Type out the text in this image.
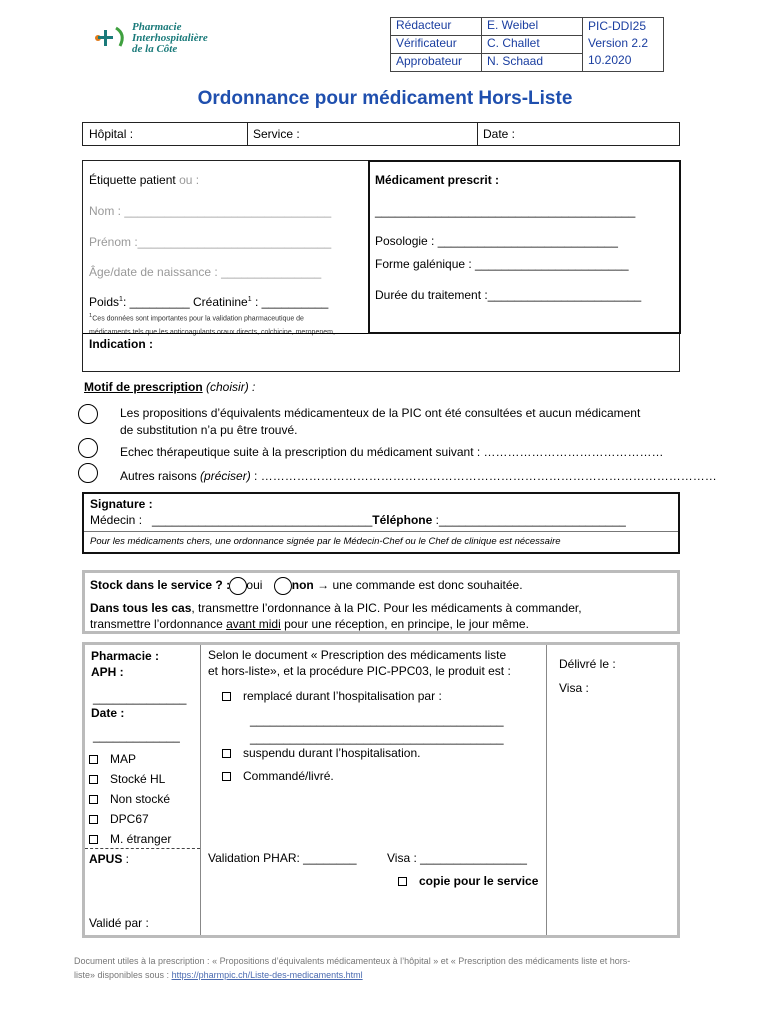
Pharmacie
Interhospitalière
de la Côte
Rédacteur	E. Weibel	PIC-DDI25
Version 2.2
10.2020

Vérificateur	C. Challet	
Approbateur	N. Schaad	
Ordonnance pour médicament Hors-Liste
Hôpital :	Service :	Date :
Étiquette patient ou :
Nom : _______________________________
Prénom :_____________________________
Âge/date de naissance : _______________
Poids$^1$: _________ Créatinine$^1$ : __________
$^1$Ces données sont importantes pour la validation pharmaceutique de
médicaments tels que les anticoagulants oraux directs, colchicine, meropenem, …
Indication :
Médicament prescrit :
_______________________________________
Posologie : ___________________________
Forme galénique : _______________________
Durée du traitement :_______________________
Motif de prescription (choisir) :
Les propositions d’équivalents médicamenteux de la PIC ont été consultées et aucun médicament
de substitution n’a pu être trouvé.
Echec thérapeutique suite à la prescription du médicament suivant : ………………………………………
Autres raisons (préciser) : ……………………………………………………………………………………………………
Signature :
Médecin :   _________________________________Téléphone :____________________________
Pour les médicaments chers, une ordonnance signée par le Médecin-Chef ou le Chef de clinique est nécessaire
Stock dans le service ? : oui non → une commande est donc souhaitée.
Dans tous les cas, transmettre l’ordonnance à la PIC. Pour les médicaments à commander,
transmettre l’ordonnance avant midi pour une réception, en principe, le jour même.
Pharmacie :
APH :
______________
Date :
_____________
MAP
Stocké HL
Non stocké
DPC67
M. étranger
APUS :
Validé par :
Selon le document « Prescription des médicaments liste
et hors-liste», et la procédure PIC-PPC03, le produit est :
remplacé durant l’hospitalisation par :
______________________________________
______________________________________
suspendu durant l’hospitalisation.
Commandé/livré.
Validation PHAR: ________	Visa : ________________
copie pour le service
Délivré le :
Visa :
Document utiles à la prescription : « Propositions d’équivalents médicamenteux à l’hôpital » et « Prescription des médicaments liste et hors-
liste» disponibles sous : https://pharmpic.ch/Liste-des-medicaments.html
